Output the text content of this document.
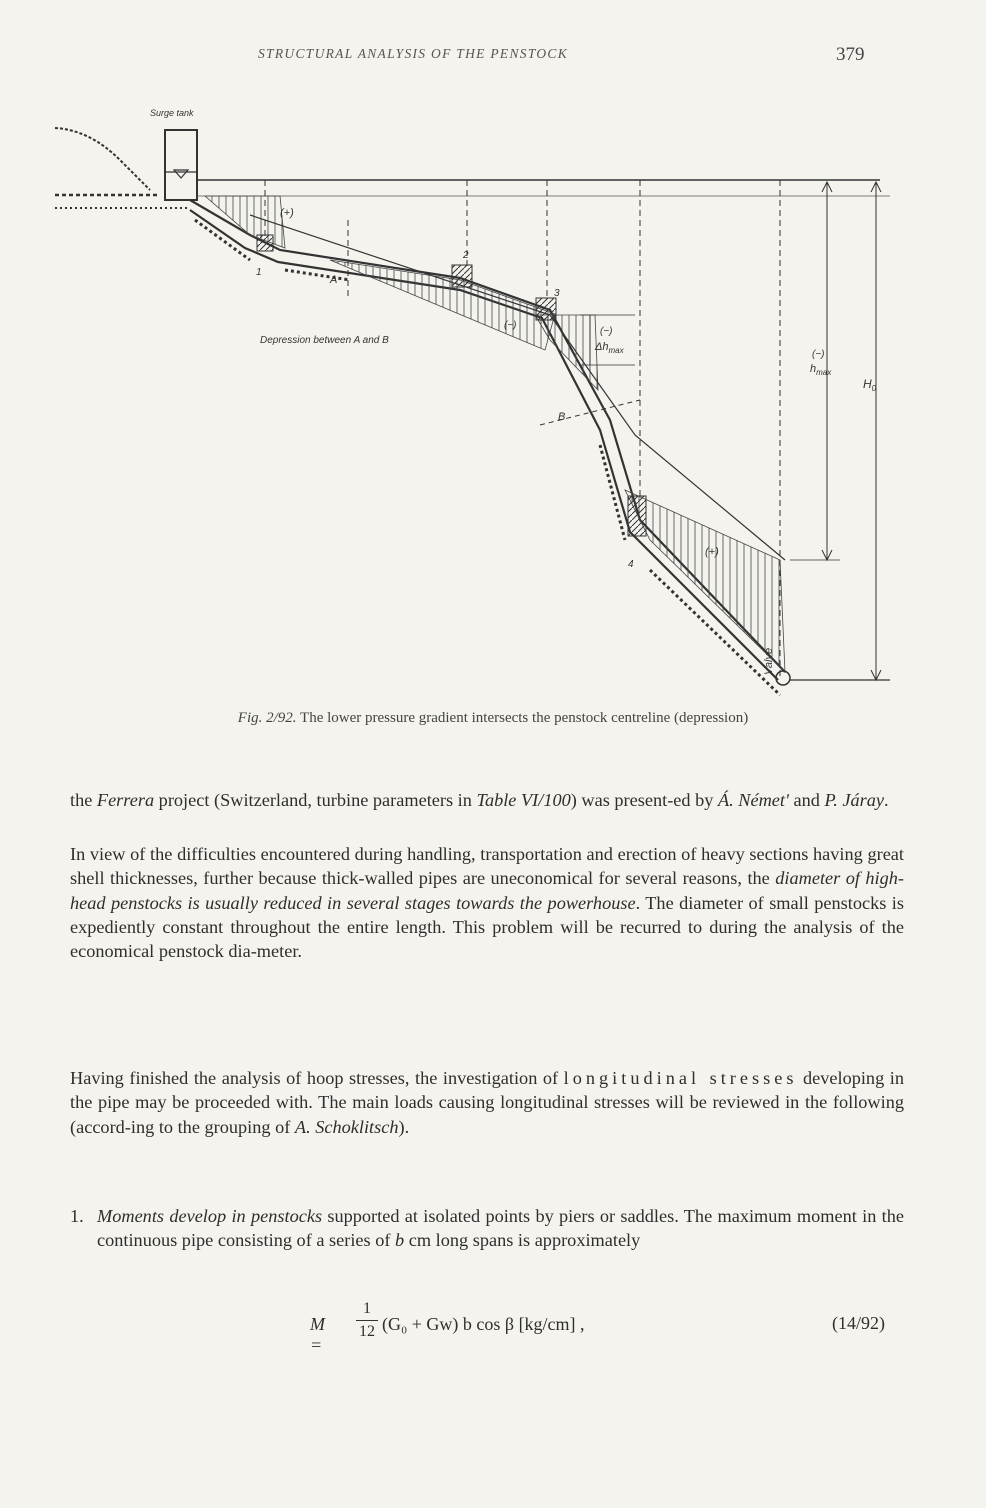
STRUCTURAL ANALYSIS OF THE PENSTOCK	379
Surge tank
(+)
1
A
2
3
(−)
Depression between A and B
(−)
$\Delta h_{max}$	(−)
$h_{max}$
$H_0$
B
4
(+)
Valve
Fig. 2/92. The lower pressure gradient intersects the penstock centreline (depression)
the Ferrera project (Switzerland, turbine parameters in Table VI/100) was present-ed by Á. Németʹ and P. Járay.
In view of the difficulties encountered during handling, transportation and erection of heavy sections having great shell thicknesses, further because thick-walled pipes are uneconomical for several reasons, the diameter of high-head penstocks is usually reduced in several stages towards the powerhouse. The diameter of small penstocks is expediently constant throughout the entire length. This problem will be recurred to during the analysis of the economical penstock dia-meter.
Having finished the analysis of hoop stresses, the investigation of longitudinal stresses developing in the pipe may be proceeded with. The main loads causing longitudinal stresses will be reviewed in the following (accord-ing to the grouping of A. Schoklitsch).
1. Moments develop in penstocks supported at isolated points by piers or saddles. The maximum moment in the continuous pipe consisting of a series of b cm long spans is approximately
M =
1
12 (G₀ + Gw) b cos β [kg/cm] ,	(14/92)
